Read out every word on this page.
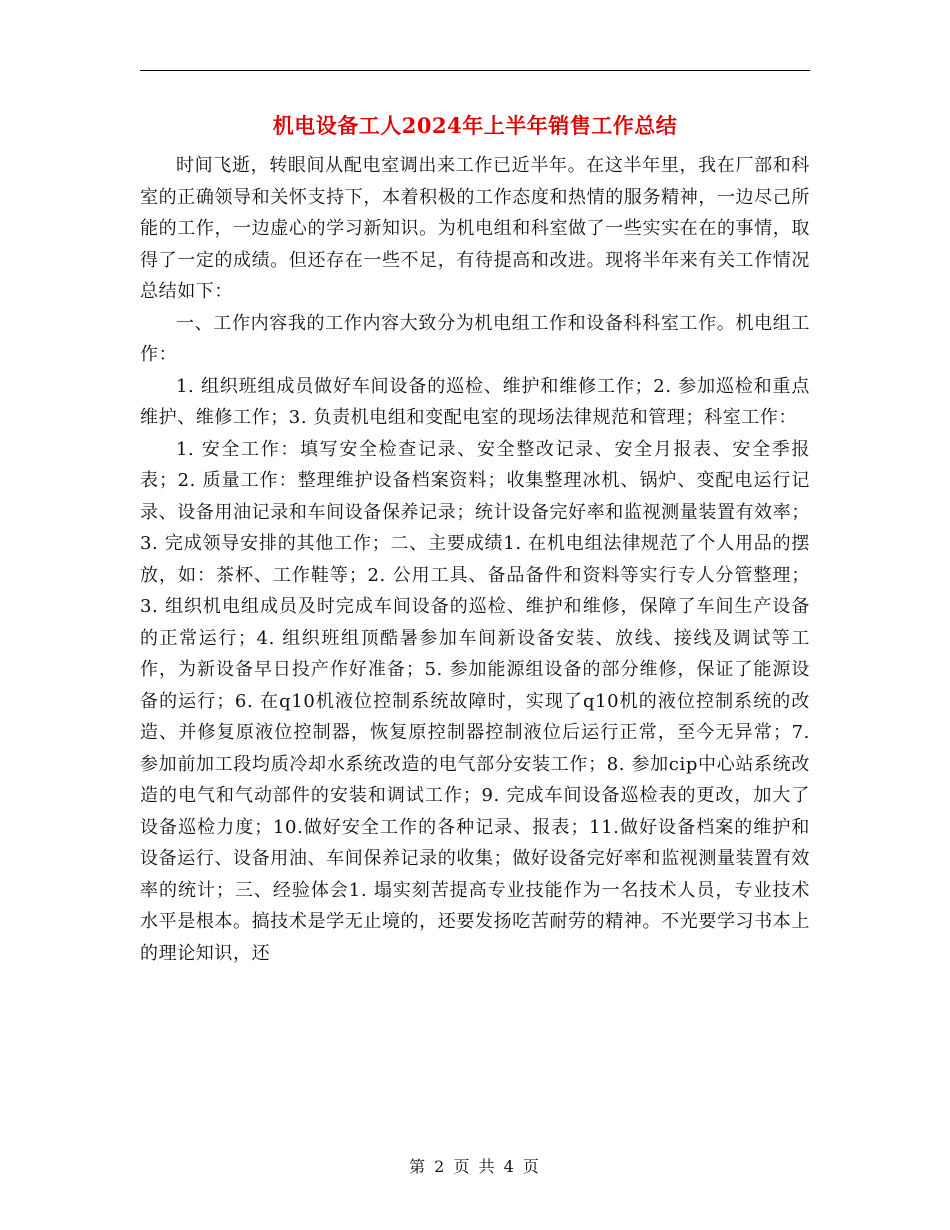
机电设备工人2024年上半年销售工作总结

时间飞逝，转眼间从配电室调出来工作已近半年。在这半年里，我在厂部和科室的正确领导和关怀支持下，本着积极的工作态度和热情的服务精神，一边尽己所能的工作，一边虚心的学习新知识。为机电组和科室做了一些实实在在的事情，取得了一定的成绩。但还存在一些不足，有待提高和改进。现将半年来有关工作情况总结如下：

一、工作内容我的工作内容大致分为机电组工作和设备科科室工作。机电组工作：

1. 组织班组成员做好车间设备的巡检、维护和维修工作；2. 参加巡检和重点维护、维修工作；3. 负责机电组和变配电室的现场法律规范和管理；科室工作：

1. 安全工作：填写安全检查记录、安全整改记录、安全月报表、安全季报表；2. 质量工作：整理维护设备档案资料；收集整理冰机、锅炉、变配电运行记录、设备用油记录和车间设备保养记录；统计设备完好率和监视测量装置有效率；3. 完成领导安排的其他工作；二、主要成绩1. 在机电组法律规范了个人用品的摆放，如：茶杯、工作鞋等；2. 公用工具、备品备件和资料等实行专人分管整理；3. 组织机电组成员及时完成车间设备的巡检、维护和维修，保障了车间生产设备的正常运行；4. 组织班组顶酷暑参加车间新设备安装、放线、接线及调试等工作，为新设备早日投产作好准备；5. 参加能源组设备的部分维修，保证了能源设备的运行；6. 在q10机液位控制系统故障时，实现了q10机的液位控制系统的改造、并修复原液位控制器，恢复原控制器控制液位后运行正常，至今无异常；7. 参加前加工段均质冷却水系统改造的电气部分安装工作；8. 参加cip中心站系统改造的电气和气动部件的安装和调试工作；9. 完成车间设备巡检表的更改，加大了设备巡检力度；10.做好安全工作的各种记录、报表；11.做好设备档案的维护和设备运行、设备用油、车间保养记录的收集；做好设备完好率和监视测量装置有效率的统计；三、经验体会1. 塌实刻苦提高专业技能作为一名技术人员，专业技术水平是根本。搞技术是学无止境的，还要发扬吃苦耐劳的精神。不光要学习书本上的理论知识，还

第 2 页 共 4 页
